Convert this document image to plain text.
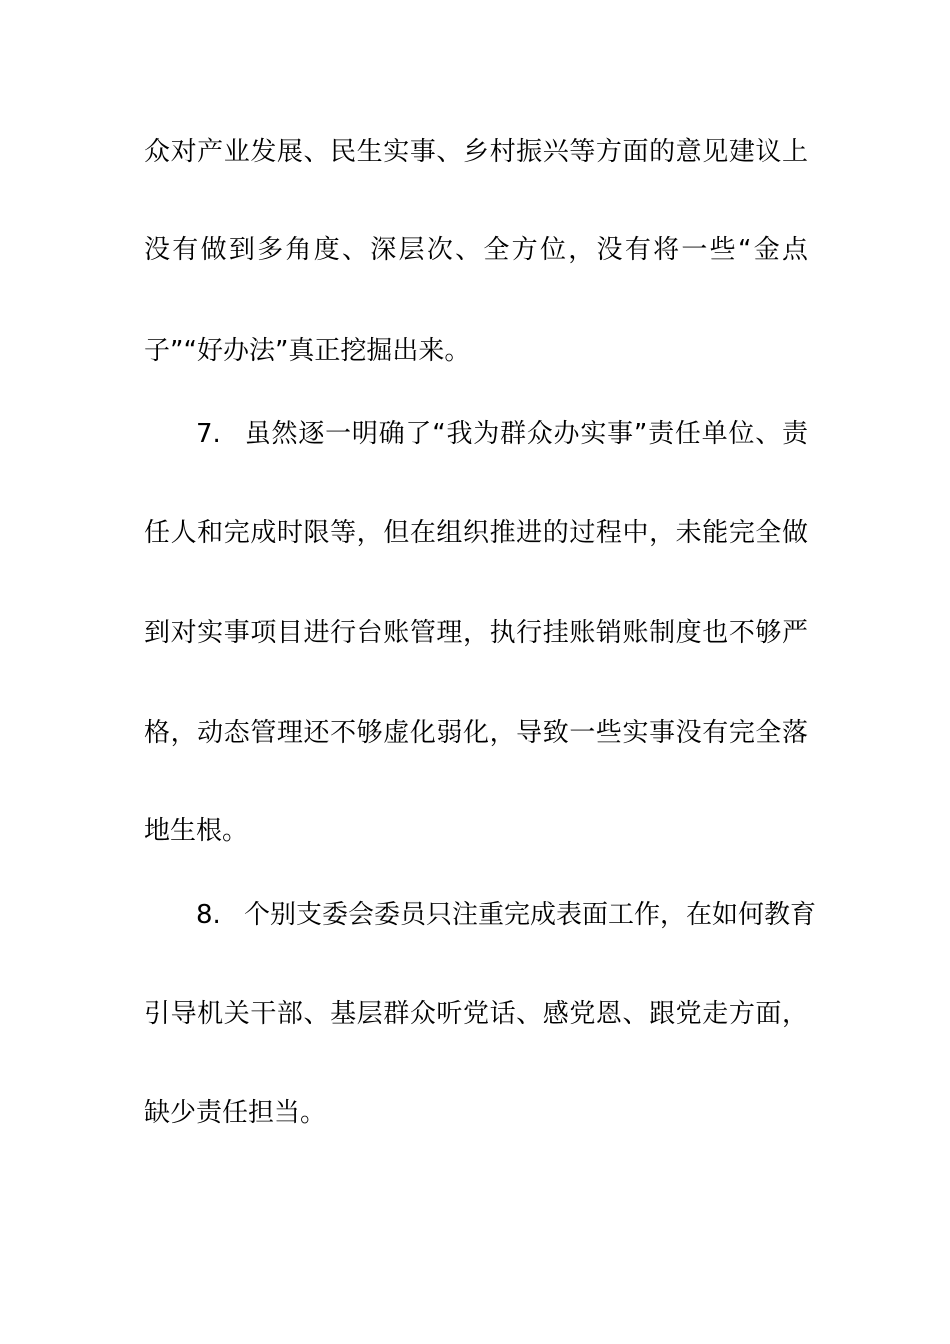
众对产业发展、民生实事、乡村振兴等方面的意见建议上
没有做到多角度、深层次、全方位，没有将一些“金点
子”“好办法”真正挖掘出来。
7. 虽然逐一明确了“我为群众办实事”责任单位、责
任人和完成时限等，但在组织推进的过程中，未能完全做
到对实事项目进行台账管理，执行挂账销账制度也不够严
格，动态管理还不够虚化弱化，导致一些实事没有完全落
地生根。
8. 个别支委会委员只注重完成表面工作，在如何教育
引导机关干部、基层群众听党话、感党恩、跟党走方面，
缺少责任担当。
